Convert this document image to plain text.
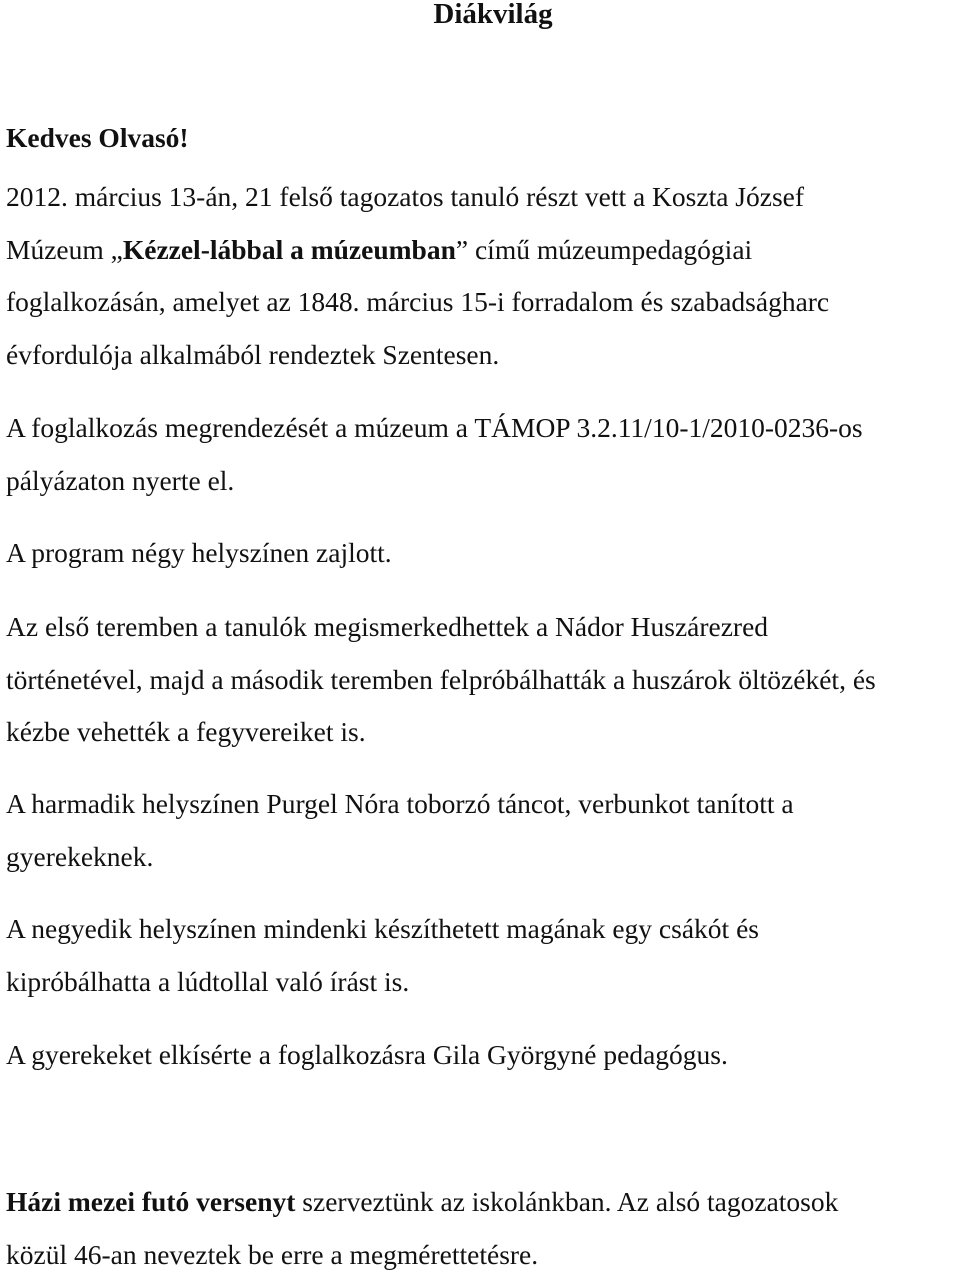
Diákvilág

Kedves Olvasó!

2012. március 13-án, 21 felső tagozatos tanuló részt vett a Koszta József
Múzeum „Kézzel-lábbal a múzeumban” című múzeumpedagógiai
foglalkozásán, amelyet az 1848. március 15-i forradalom és szabadságharc
évfordulója alkalmából rendeztek Szentesen.

A foglalkozás megrendezését a múzeum a TÁMOP 3.2.11/10-1/2010-0236-os
pályázaton nyerte el.

A program négy helyszínen zajlott.

Az első teremben a tanulók megismerkedhettek a Nádor Huszárezred
történetével, majd a második teremben felpróbálhatták a huszárok öltözékét, és
kézbe vehették a fegyvereiket is.

A harmadik helyszínen Purgel Nóra toborzó táncot, verbunkot tanított a
gyerekeknek.

A negyedik helyszínen mindenki készíthetett magának egy csákót és
kipróbálhatta a lúdtollal való írást is.

A gyerekeket elkísérte a foglalkozásra Gila Györgyné pedagógus.

Házi mezei futó versenyt szerveztünk az iskolánkban. Az alsó tagozatosok
közül 46-an neveztek be erre a megmérettetésre.
